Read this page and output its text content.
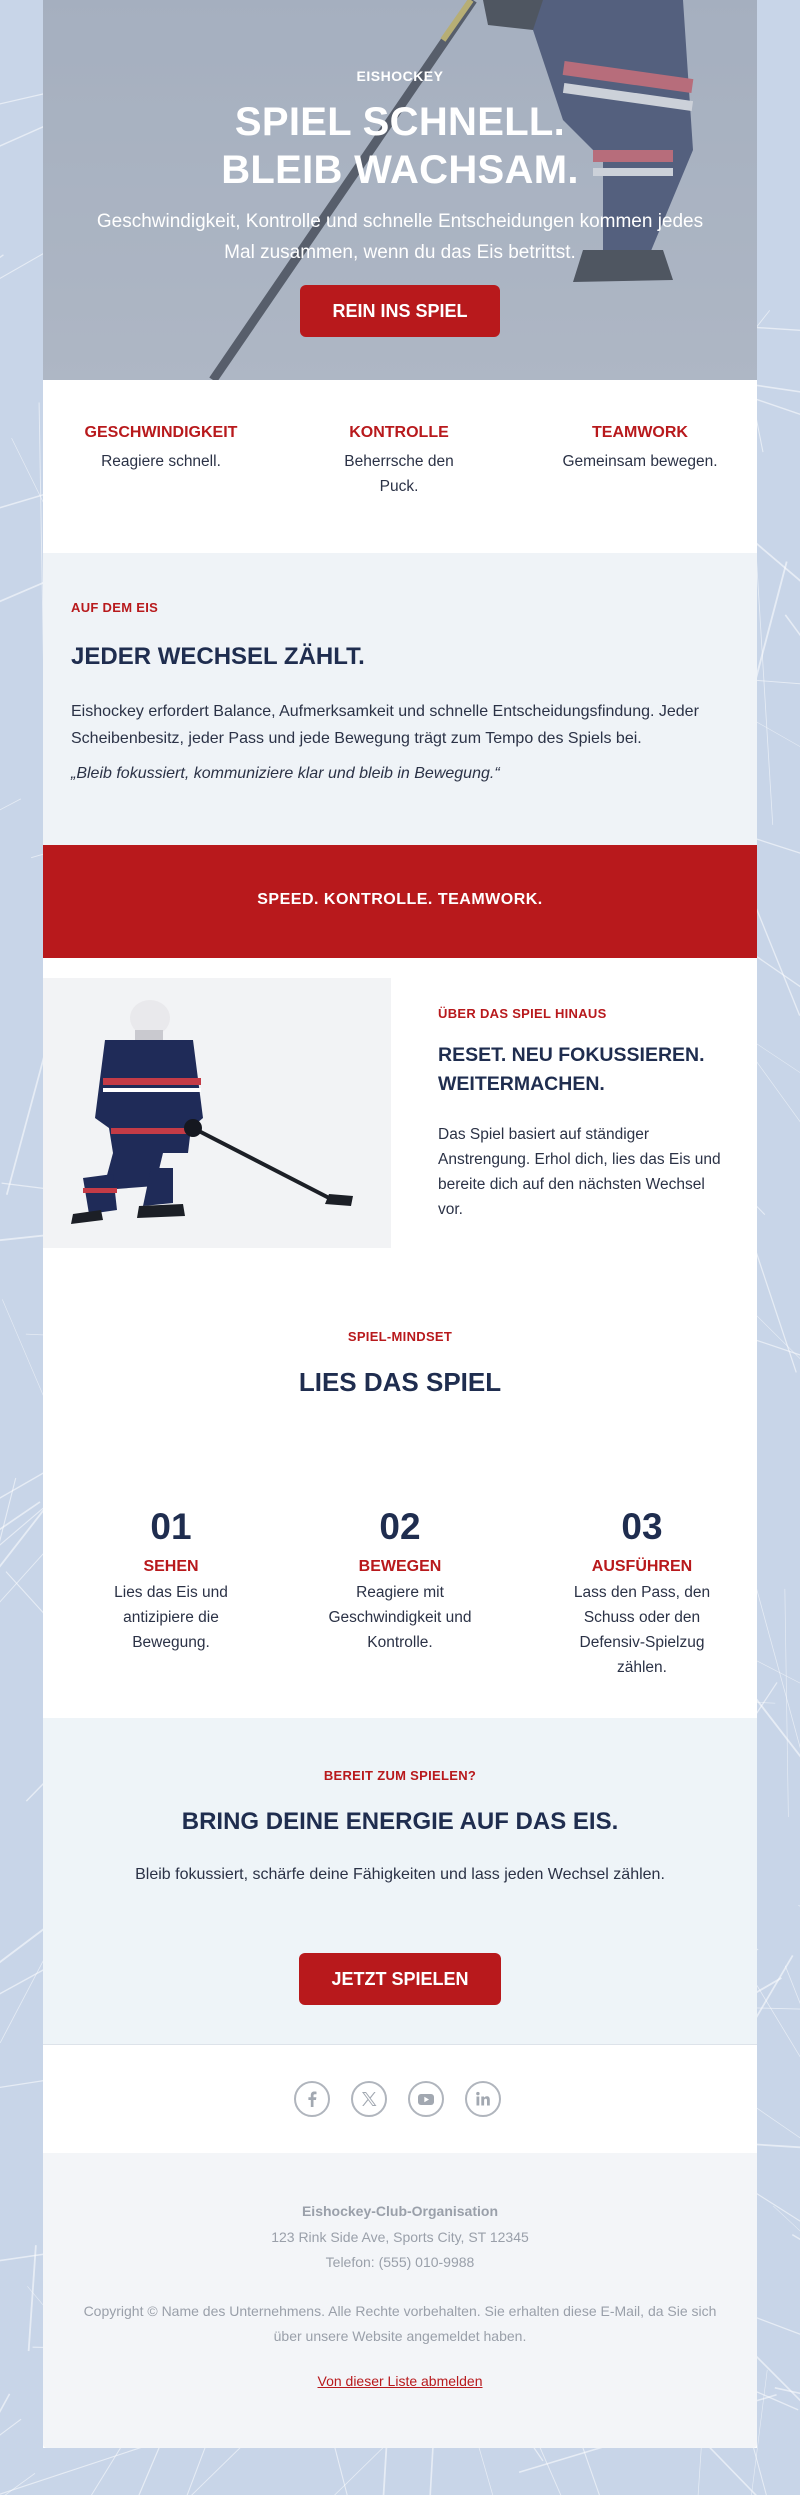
EISHOCKEY
SPIEL SCHNELL.
BLEIB WACHSAM.
Geschwindigkeit, Kontrolle und schnelle Entscheidungen kommen jedes Mal zusammen, wenn du das Eis betrittst.
REIN INS SPIEL
GESCHWINDIGKEIT
Reagiere schnell.
KONTROLLE
Beherrsche den Puck.
TEAMWORK
Gemeinsam bewegen.
AUF DEM EIS
JEDER WECHSEL ZÄHLT.
Eishockey erfordert Balance, Aufmerksamkeit und schnelle Entscheidungsfindung. Jeder Scheibenbesitz, jeder Pass und jede Bewegung trägt zum Tempo des Spiels bei.
„Bleib fokussiert, kommuniziere klar und bleib in Bewegung.“
SPEED. KONTROLLE. TEAMWORK.
ÜBER DAS SPIEL HINAUS
RESET. NEU FOKUSSIEREN. WEITERMACHEN.
Das Spiel basiert auf ständiger Anstrengung. Erhol dich, lies das Eis und bereite dich auf den nächsten Wechsel vor.
SPIEL-MINDSET
LIES DAS SPIEL
01
SEHEN
Lies das Eis und antizipiere die Bewegung.
02
BEWEGEN
Reagiere mit Geschwindigkeit und Kontrolle.
03
AUSFÜHREN
Lass den Pass, den Schuss oder den Defensiv-Spielzug zählen.
BEREIT ZUM SPIELEN?
BRING DEINE ENERGIE AUF DAS EIS.
Bleib fokussiert, schärfe deine Fähigkeiten und lass jeden Wechsel zählen.
JETZT SPIELEN
Eishockey-Club-Organisation
123 Rink Side Ave, Sports City, ST 12345
Telefon: (555) 010-9988
Copyright © Name des Unternehmens. Alle Rechte vorbehalten. Sie erhalten diese E-Mail, da Sie sich über unsere Website angemeldet haben.
Von dieser Liste abmelden
